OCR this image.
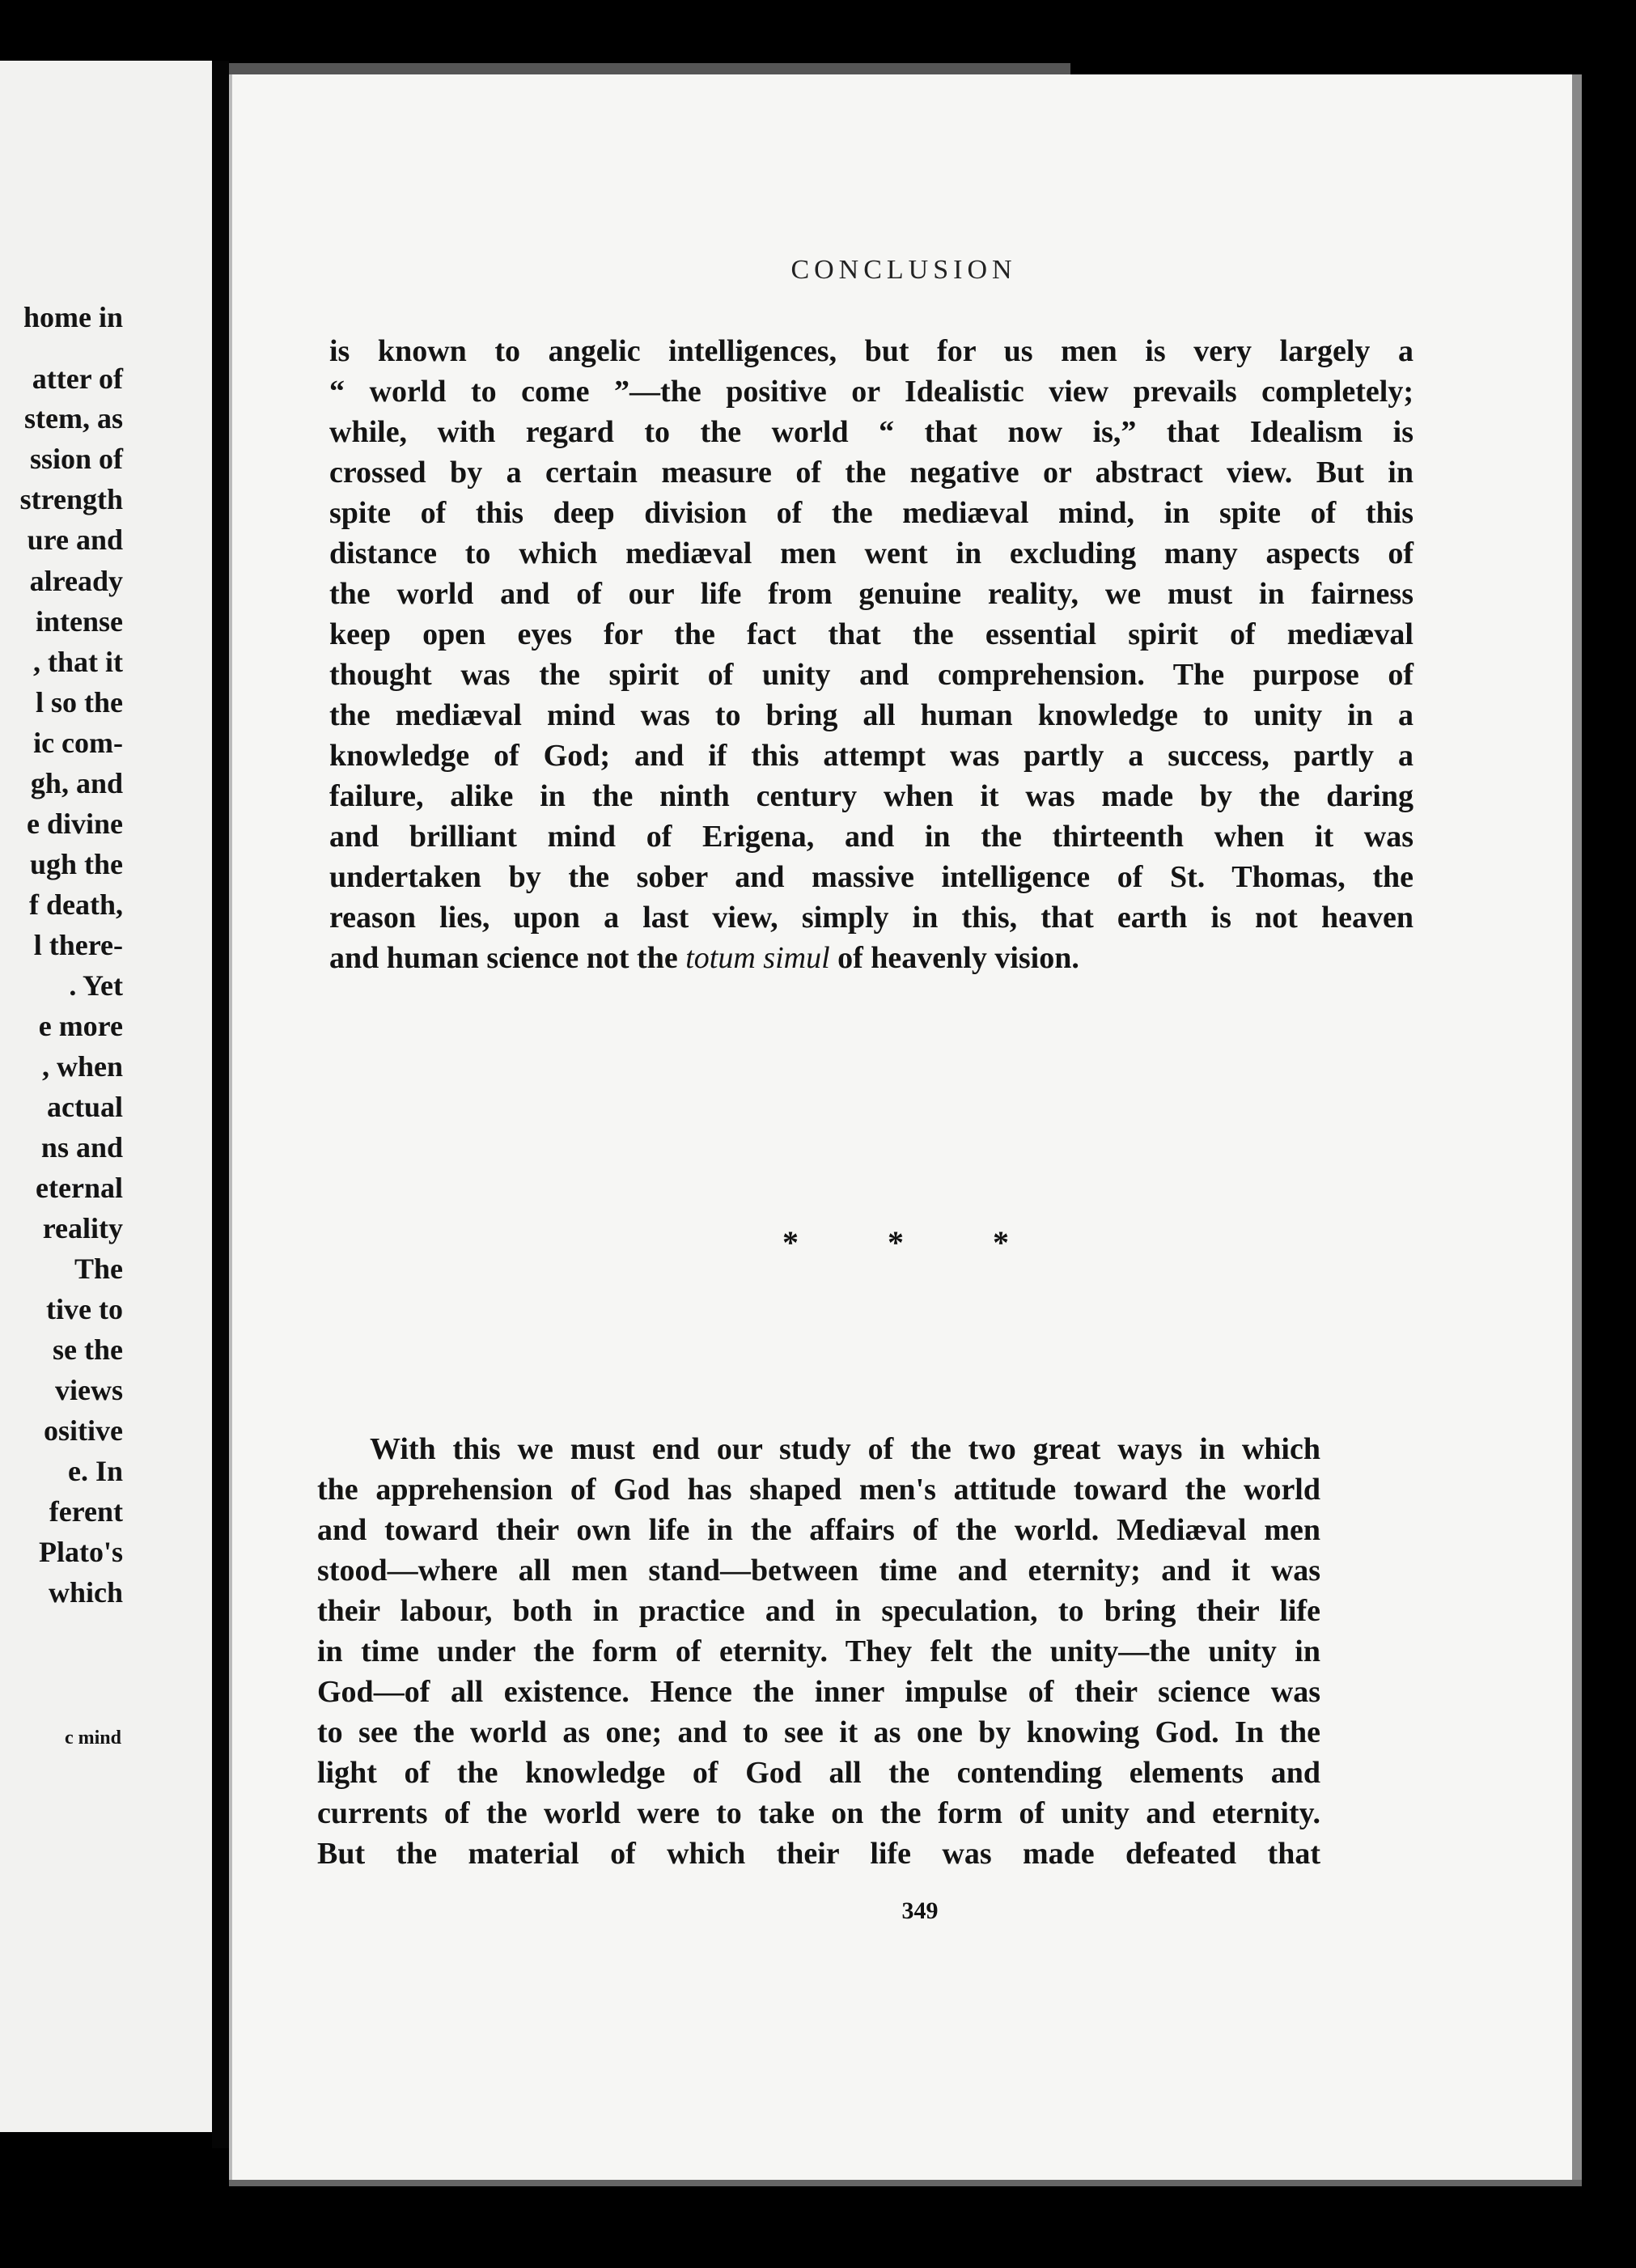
home in
atter of
stem, as
ssion of
strength
ure and
already
intense
, that it
l so the
ic com-
gh, and
e divine
ugh the
f death,
l there-
. Yet
e more
, when
actual
ns and
eternal
reality
The
tive to
se the
views
ositive
e. In
ferent
Plato's
which
c mind
CONCLUSION
is known to angelic intelligences, but for us men is very largely a
“ world to come ”—the positive or Idealistic view prevails completely;
while, with regard to the world “ that now is,” that Idealism is
crossed by a certain measure of the negative or abstract view. But in
spite of this deep division of the mediæval mind, in spite of this
distance to which mediæval men went in excluding many aspects of
the world and of our life from genuine reality, we must in fairness
keep open eyes for the fact that the essential spirit of mediæval
thought was the spirit of unity and comprehension. The purpose of
the mediæval mind was to bring all human knowledge to unity in a
knowledge of God; and if this attempt was partly a success, partly a
failure, alike in the ninth century when it was made by the daring
and brilliant mind of Erigena, and in the thirteenth when it was
undertaken by the sober and massive intelligence of St. Thomas, the
reason lies, upon a last view, simply in this, that earth is not heaven
and human science not the totum simul of heavenly vision.
* * *
With this we must end our study of the two great ways in which
the apprehension of God has shaped men's attitude toward the world
and toward their own life in the affairs of the world. Mediæval men
stood—where all men stand—between time and eternity; and it was
their labour, both in practice and in speculation, to bring their life
in time under the form of eternity. They felt the unity—the unity in
God—of all existence. Hence the inner impulse of their science was
to see the world as one; and to see it as one by knowing God. In the
light of the knowledge of God all the contending elements and
currents of the world were to take on the form of unity and eternity.
But the material of which their life was made defeated that
349
